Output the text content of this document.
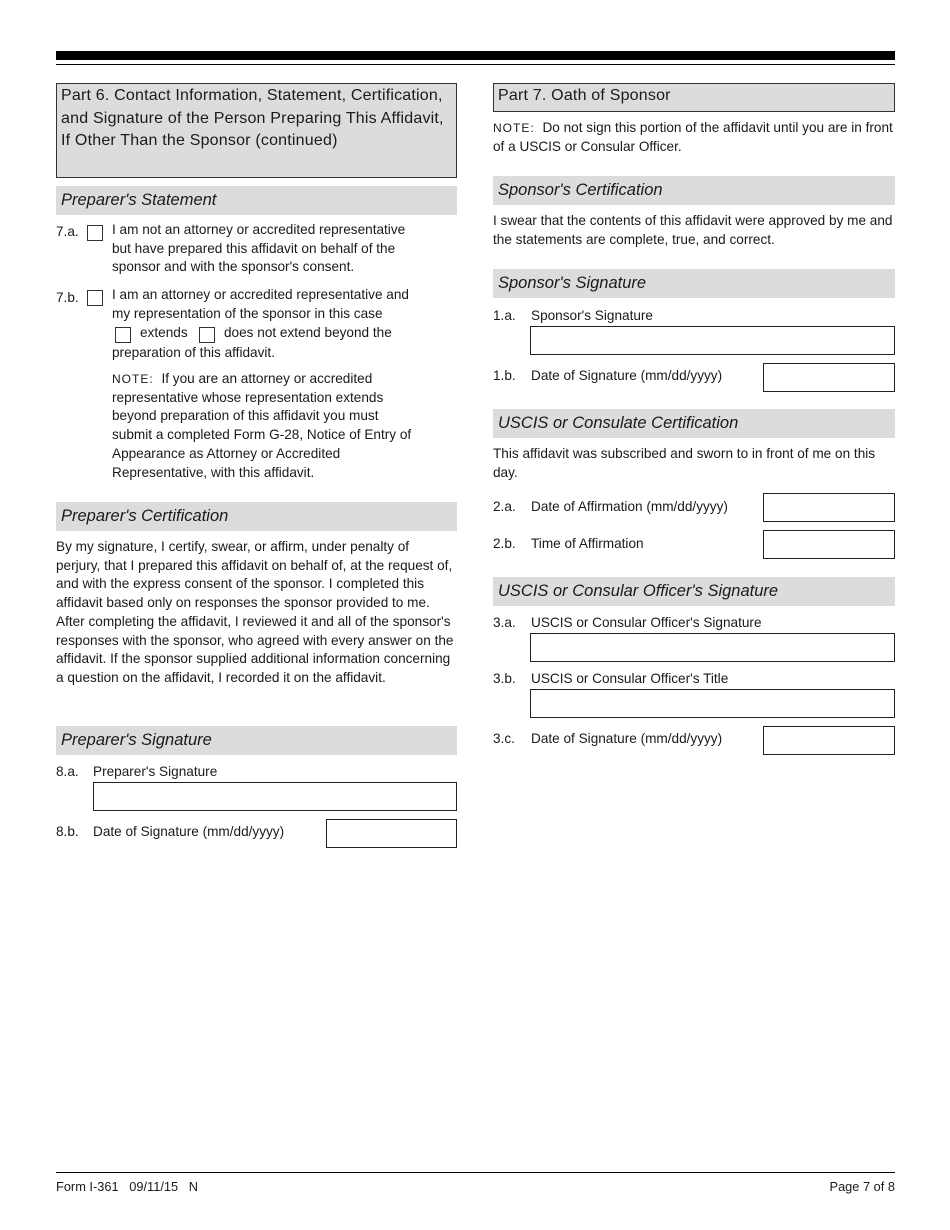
Part 6. Contact Information, Statement, Certification, and Signature of the Person Preparing This Affidavit, If Other Than the Sponsor (continued)
Preparer's Statement
7.a. I am not an attorney or accredited representative but have prepared this affidavit on behalf of the sponsor and with the sponsor's consent.
7.b. I am an attorney or accredited representative and my representation of the sponsor in this case
extends	does not extend beyond the
preparation of this affidavit.
NOTE: If you are an attorney or accredited representative whose representation extends beyond preparation of this affidavit you must submit a completed Form G-28, Notice of Entry of Appearance as Attorney or Accredited Representative, with this affidavit.
Preparer's Certification
By my signature, I certify, swear, or affirm, under penalty of perjury, that I prepared this affidavit on behalf of, at the request of, and with the express consent of the sponsor. I completed this affidavit based only on responses the sponsor provided to me. After completing the affidavit, I reviewed it and all of the sponsor's responses with the sponsor, who agreed with every answer on the affidavit. If the sponsor supplied additional information concerning a question on the affidavit, I recorded it on the affidavit.
Preparer's Signature
8.a. Preparer's Signature
8.b. Date of Signature (mm/dd/yyyy)
Part 7. Oath of Sponsor
NOTE: Do not sign this portion of the affidavit until you are in front of a USCIS or Consular Officer.
Sponsor's Certification
I swear that the contents of this affidavit were approved by me and the statements are complete, true, and correct.
Sponsor's Signature
1.a. Sponsor's Signature
1.b. Date of Signature (mm/dd/yyyy)
USCIS or Consulate Certification
This affidavit was subscribed and sworn to in front of me on this day.
2.a. Date of Affirmation (mm/dd/yyyy)
2.b. Time of Affirmation
USCIS or Consular Officer's Signature
3.a. USCIS or Consular Officer's Signature
3.b. USCIS or Consular Officer's Title
3.c. Date of Signature (mm/dd/yyyy)
Form I-361   09/11/15   N	Page 7 of 8
